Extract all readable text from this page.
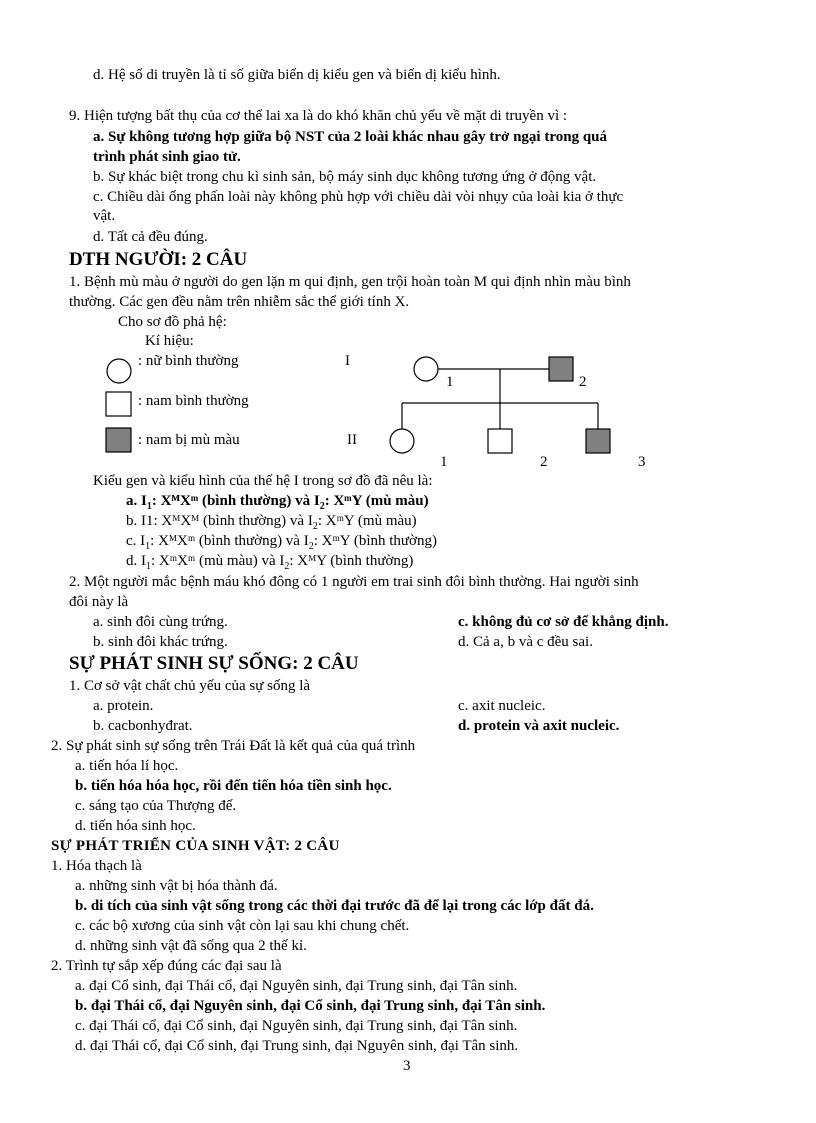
d. Hệ số di truyền là tỉ số giữa biến dị kiểu gen và biến dị kiểu hình.
9. Hiện tượng bất thụ của cơ thể lai xa là do khó khăn chủ yếu về mặt di truyền vì :
a. Sự không tương hợp giữa bộ NST của 2 loài khác nhau gây trở ngại trong quá
trình phát sinh giao tử.
b. Sự khác biệt trong chu kì sinh sản, bộ máy sinh dục không tương ứng ở động vật.
c. Chiều dài ống phấn loài này không phù hợp với chiều dài vòi nhụy của loài kia ở thực
vật.
d. Tất cả đều đúng.
DTH NGƯỜI: 2 CÂU
1. Bệnh mù màu ở người do gen lặn m qui định, gen trội hoàn toàn M qui định nhìn màu bình
thường. Các gen đều nằm trên nhiễm sắc thể giới tính X.
Cho sơ đồ phả hệ:
Kí hiệu:
: nữ bình thường
: nam bình thường
: nam bị mù màu
I
II
1	2
1	2	3
Kiểu gen và kiểu hình của thế hệ I trong sơ đồ đã nêu là:
a. $I_1$: XᴹXᵐ (bình thường) và $I_2$: XᵐY (mù màu)
b. I1: XᴹXᴹ (bình thường) và $I_2$: XᵐY (mù màu)
c. $I_1$: XᴹXᵐ (bình thường) và $I_2$: XᵐY (bình thường)
d. $I_1$: XᵐXᵐ (mù màu) và $I_2$: XᴹY (bình thường)
2. Một người mắc bệnh máu khó đông có 1 người em trai sinh đôi bình thường. Hai người sinh
đôi này là
a. sinh đôi cùng trứng.	c. không đủ cơ sở để khẳng định.
b. sinh đôi khác trứng.	d. Cả a, b và c đều sai.
SỰ PHÁT SINH SỰ SỐNG: 2 CÂU
1. Cơ sở vật chất chủ yếu của sự sống là
a. protein.	c. axit nucleic.
b. cacbonhyđrat.	d. protein và axit nucleic.
2. Sự phát sinh sự sống trên Trái Đất là kết quả của quá trình
a. tiến hóa lí học.
b. tiến hóa hóa học, rồi đến tiến hóa tiền sinh học.
c. sáng tạo của Thượng đế.
d. tiến hóa sinh học.
SỰ PHÁT TRIỂN CỦA SINH VẬT: 2 CÂU
1. Hóa thạch là
a. những sinh vật bị hóa thành đá.
b. di tích của sinh vật sống trong các thời đại trước đã để lại trong các lớp đất đá.
c. các bộ xương của sinh vật còn lại sau khi chung chết.
d. những sinh vật đã sống qua 2 thế kỉ.
2. Trình tự sắp xếp đúng các đại sau là
a. đại Cổ sinh, đại Thái cổ, đại Nguyên sinh, đại Trung sinh, đại Tân sinh.
b. đại Thái cổ, đại Nguyên sinh, đại Cổ sinh, đại Trung sinh, đại Tân sinh.
c. đại Thái cổ, đại Cổ sinh, đại Nguyên sinh, đại Trung sinh, đại Tân sinh.
d. đại Thái cổ, đại Cổ sinh, đại Trung sinh, đại Nguyên sinh, đại Tân sinh.
3
